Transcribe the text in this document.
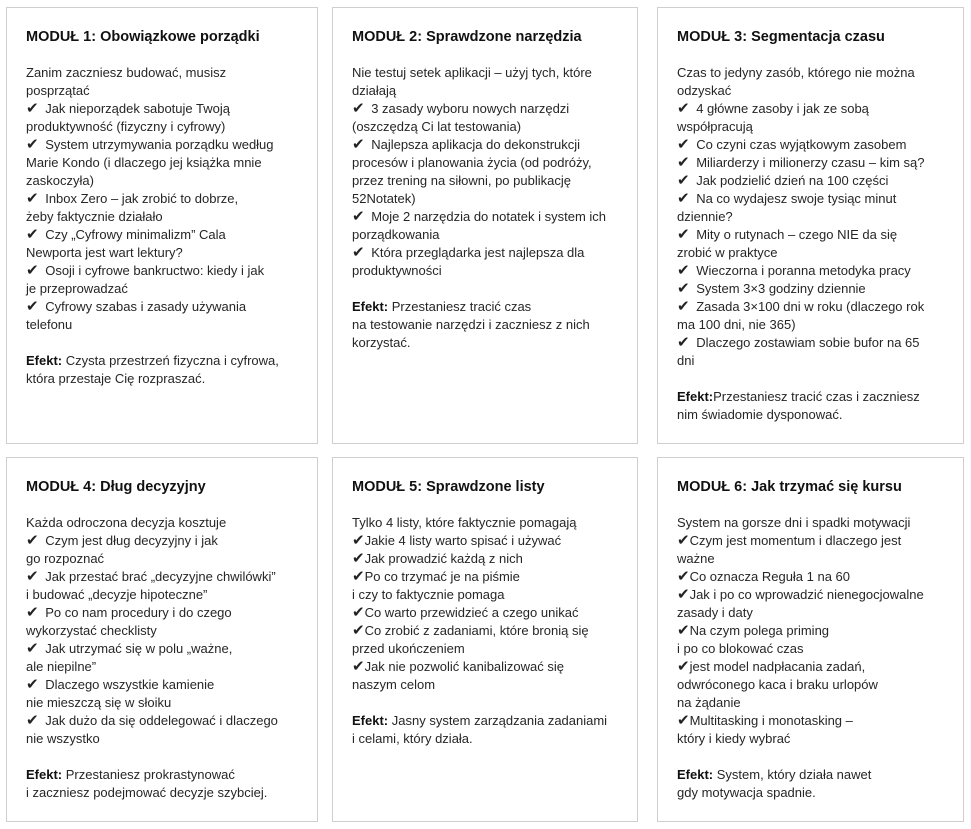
MODUŁ 1: Obowiązkowe porządki

Zanim zaczniesz budować, musisz

posprzątać

✔ Jak nieporządek sabotuje Twoją

produktywność (fizyczny i cyfrowy)

✔ System utrzymywania porządku według

Marie Kondo (i dlaczego jej książka mnie

zaskoczyła)

✔ Inbox Zero – jak zrobić to dobrze,

żeby faktycznie działało

✔ Czy „Cyfrowy minimalizm” Cala

Newporta jest wart lektury?

✔ Osoji i cyfrowe bankructwo: kiedy i jak

je przeprowadzać

✔ Cyfrowy szabas i zasady używania

telefonu

Efekt: Czysta przestrzeń fizyczna i cyfrowa,

która przestaje Cię rozpraszać.

MODUŁ 2: Sprawdzone narzędzia

Nie testuj setek aplikacji – użyj tych, które

działają

✔ 3 zasady wyboru nowych narzędzi

(oszczędzą Ci lat testowania)

✔ Najlepsza aplikacja do dekonstrukcji

procesów i planowania życia (od podróży,

przez trening na siłowni, po publikację

52Notatek)

✔ Moje 2 narzędzia do notatek i system ich

porządkowania

✔ Która przeglądarka jest najlepsza dla

produktywności

Efekt: Przestaniesz tracić czas

na testowanie narzędzi i zaczniesz z nich

korzystać.

MODUŁ 3: Segmentacja czasu

Czas to jedyny zasób, którego nie można

odzyskać

✔ 4 główne zasoby i jak ze sobą

współpracują

✔ Co czyni czas wyjątkowym zasobem

✔ Miliarderzy i milionerzy czasu – kim są?

✔ Jak podzielić dzień na 100 części

✔ Na co wydajesz swoje tysiąc minut

dziennie?

✔ Mity o rutynach – czego NIE da się

zrobić w praktyce

✔ Wieczorna i poranna metodyka pracy

✔ System 3×3 godziny dziennie

✔ Zasada 3×100 dni w roku (dlaczego rok

ma 100 dni, nie 365)

✔ Dlaczego zostawiam sobie bufor na 65

dni

Efekt:Przestaniesz tracić czas i zaczniesz

nim świadomie dysponować.

MODUŁ 4: Dług decyzyjny

Każda odroczona decyzja kosztuje

✔ Czym jest dług decyzyjny i jak

go rozpoznać

✔ Jak przestać brać „decyzyjne chwilówki”

i budować „decyzje hipoteczne”

✔ Po co nam procedury i do czego

wykorzystać checklisty

✔ Jak utrzymać się w polu „ważne,

ale niepilne”

✔ Dlaczego wszystkie kamienie

nie mieszczą się w słoiku

✔ Jak dużo da się oddelegować i dlaczego

nie wszystko

Efekt: Przestaniesz prokrastynować

i zaczniesz podejmować decyzje szybciej.

MODUŁ 5: Sprawdzone listy

Tylko 4 listy, które faktycznie pomagają

✔Jakie 4 listy warto spisać i używać

✔Jak prowadzić każdą z nich

✔Po co trzymać je na piśmie

i czy to faktycznie pomaga

✔Co warto przewidzieć a czego unikać

✔Co zrobić z zadaniami, które bronią się

przed ukończeniem

✔Jak nie pozwolić kanibalizować się

naszym celom

Efekt: Jasny system zarządzania zadaniami

i celami, który działa.

MODUŁ 6: Jak trzymać się kursu

System na gorsze dni i spadki motywacji

✔Czym jest momentum i dlaczego jest

ważne

✔Co oznacza Reguła 1 na 60

✔Jak i po co wprowadzić nienegocjowalne

zasady i daty

✔Na czym polega priming

i po co blokować czas

✔jest model nadpłacania zadań,

odwróconego kaca i braku urlopów

na żądanie

✔Multitasking i monotasking –

który i kiedy wybrać

Efekt: System, który działa nawet

gdy motywacja spadnie.
